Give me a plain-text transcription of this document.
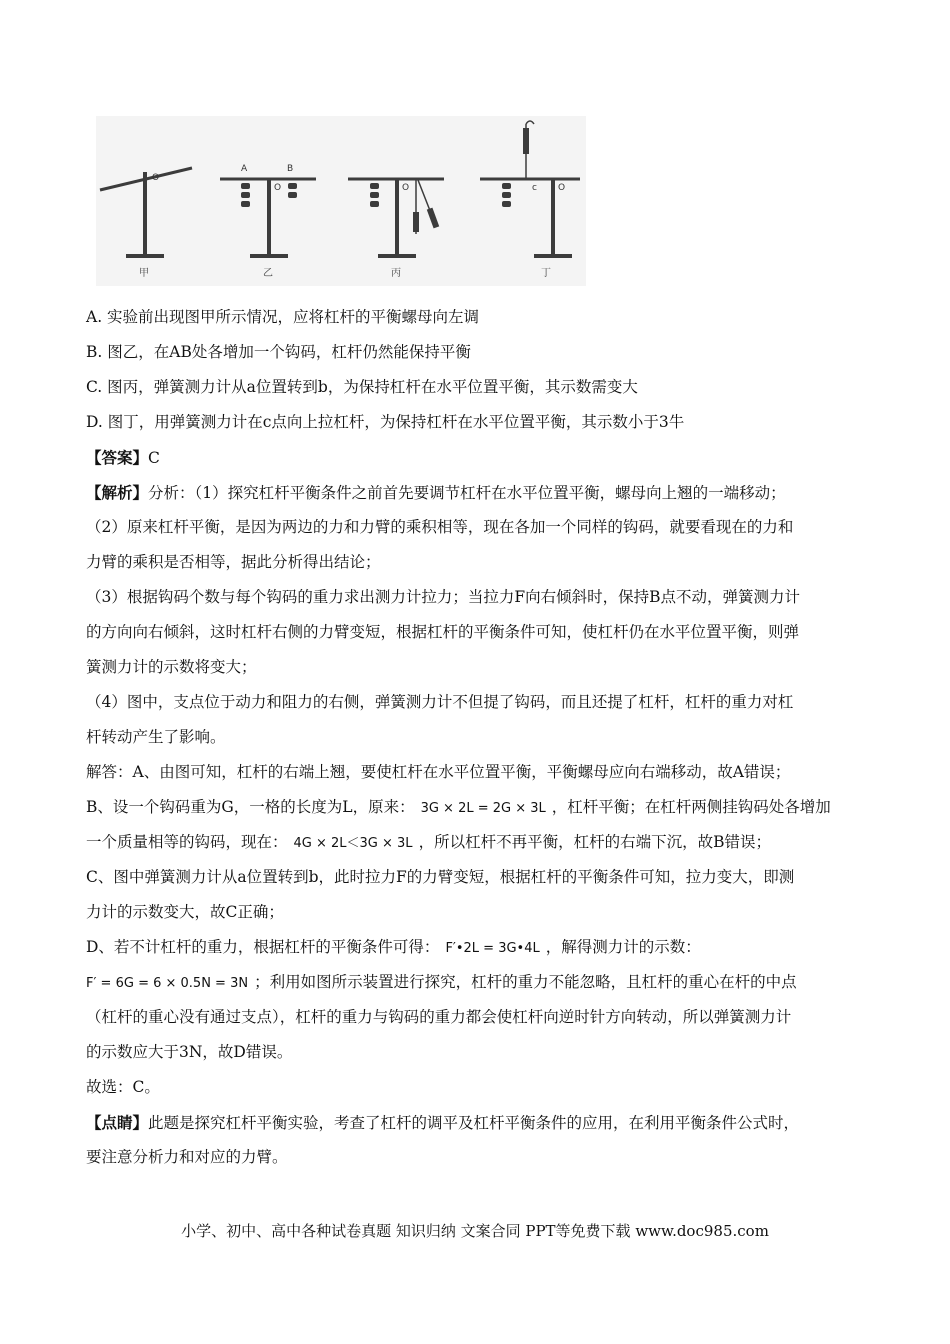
O
甲
A	B
O
乙
O
丙
c O
丁
A. 实验前出现图甲所示情况，应将杠杆的平衡螺母向左调
B. 图乙，在AB处各增加一个钩码，杠杆仍然能保持平衡
C. 图丙，弹簧测力计从a位置转到b，为保持杠杆在水平位置平衡，其示数需变大
D. 图丁，用弹簧测力计在c点向上拉杠杆，为保持杠杆在水平位置平衡，其示数小于3牛
【答案】C
【解析】分析：（1）探究杠杆平衡条件之前首先要调节杠杆在水平位置平衡，螺母向上翘的一端移动；
（2）原来杠杆平衡，是因为两边的力和力臂的乘积相等，现在各加一个同样的钩码，就要看现在的力和
力臂的乘积是否相等，据此分析得出结论；
（3）根据钩码个数与每个钩码的重力求出测力计拉力；当拉力F向右倾斜时，保持B点不动，弹簧测力计
的方向向右倾斜，这时杠杆右侧的力臂变短，根据杠杆的平衡条件可知，使杠杆仍在水平位置平衡，则弹
簧测力计的示数将变大；
（4）图中，支点位于动力和阻力的右侧，弹簧测力计不但提了钩码，而且还提了杠杆，杠杆的重力对杠
杆转动产生了影响。
解答：A、由图可知，杠杆的右端上翘，要使杠杆在水平位置平衡，平衡螺母应向右端移动，故A错误；
B、设一个钩码重为G，一格的长度为L，原来： 3G × 2L = 2G × 3L ，杠杆平衡；在杠杆两侧挂钩码处各增加
一个质量相等的钩码，现在： 4G × 2L＜3G × 3L ，所以杠杆不再平衡，杠杆的右端下沉，故B错误；
C、图中弹簧测力计从a位置转到b，此时拉力F的力臂变短，根据杠杆的平衡条件可知，拉力变大，即测
力计的示数变大，故C正确；
D、若不计杠杆的重力，根据杠杆的平衡条件可得： F′•2L = 3G•4L ，解得测力计的示数：
F′ = 6G = 6 × 0.5N = 3N ；利用如图所示装置进行探究，杠杆的重力不能忽略，且杠杆的重心在杆的中点
（杠杆的重心没有通过支点），杠杆的重力与钩码的重力都会使杠杆向逆时针方向转动，所以弹簧测力计
的示数应大于3N，故D错误。
故选：C。
【点睛】此题是探究杠杆平衡实验，考查了杠杆的调平及杠杆平衡条件的应用，在利用平衡条件公式时，
要注意分析力和对应的力臂。
小学、初中、高中各种试卷真题 知识归纳 文案合同 PPT等免费下载 www.doc985.com
